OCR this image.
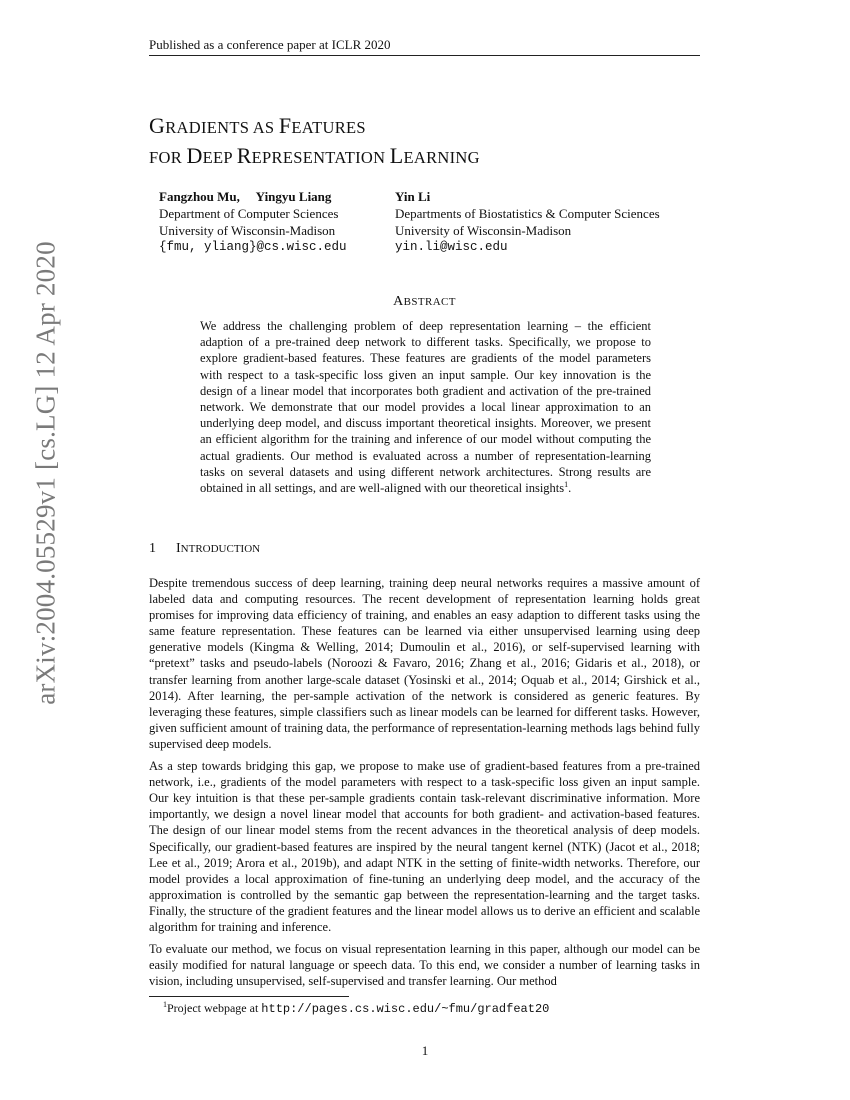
Published as a conference paper at ICLR 2020
arXiv:2004.05529v1 [cs.LG] 12 Apr 2020
GRADIENTS AS FEATURES
FOR DEEP REPRESENTATION LEARNING
Fangzhou Mu,     Yingyu Liang
Department of Computer Sciences
University of Wisconsin-Madison
{fmu, yliang}@cs.wisc.edu
Yin Li
Departments of Biostatistics & Computer Sciences
University of Wisconsin-Madison
yin.li@wisc.edu
ABSTRACT

We address the challenging problem of deep representation learning – the efficient adaption of a pre-trained deep network to different tasks. Specifically, we propose to explore gradient-based features. These features are gradients of the model parameters with respect to a task-specific loss given an input sample. Our key innovation is the design of a linear model that incorporates both gradient and activation of the pre-trained network. We demonstrate that our model provides a local linear approximation to an underlying deep model, and discuss important theoretical insights. Moreover, we present an efficient algorithm for the training and inference of our model without computing the actual gradients. Our method is evaluated across a number of representation-learning tasks on several datasets and using different network architectures. Strong results are obtained in all settings, and are well-aligned with our theoretical insights$^1$.

1 INTRODUCTION

Despite tremendous success of deep learning, training deep neural networks requires a massive amount of labeled data and computing resources. The recent development of representation learning holds great promises for improving data efficiency of training, and enables an easy adaption to different tasks using the same feature representation. These features can be learned via either unsupervised learning using deep generative models (Kingma & Welling, 2014; Dumoulin et al., 2016), or self-supervised learning with “pretext” tasks and pseudo-labels (Noroozi & Favaro, 2016; Zhang et al., 2016; Gidaris et al., 2018), or transfer learning from another large-scale dataset (Yosinski et al., 2014; Oquab et al., 2014; Girshick et al., 2014). After learning, the per-sample activation of the network is considered as generic features. By leveraging these features, simple classifiers such as linear models can be learned for different tasks. However, given sufficient amount of training data, the performance of representation-learning methods lags behind fully supervised deep models.

As a step towards bridging this gap, we propose to make use of gradient-based features from a pre-trained network, i.e., gradients of the model parameters with respect to a task-specific loss given an input sample. Our key intuition is that these per-sample gradients contain task-relevant discriminative information. More importantly, we design a novel linear model that accounts for both gradient- and activation-based features. The design of our linear model stems from the recent advances in the theoretical analysis of deep models. Specifically, our gradient-based features are inspired by the neural tangent kernel (NTK) (Jacot et al., 2018; Lee et al., 2019; Arora et al., 2019b), and adapt NTK in the setting of finite-width networks. Therefore, our model provides a local approximation of fine-tuning an underlying deep model, and the accuracy of the approximation is controlled by the semantic gap between the representation-learning and the target tasks. Finally, the structure of the gradient features and the linear model allows us to derive an efficient and scalable algorithm for training and inference.

To evaluate our method, we focus on visual representation learning in this paper, although our model can be easily modified for natural language or speech data. To this end, we consider a number of learning tasks in vision, including unsupervised, self-supervised and transfer learning. Our method

$^1$Project webpage at http://pages.cs.wisc.edu/~fmu/gradfeat20
1
